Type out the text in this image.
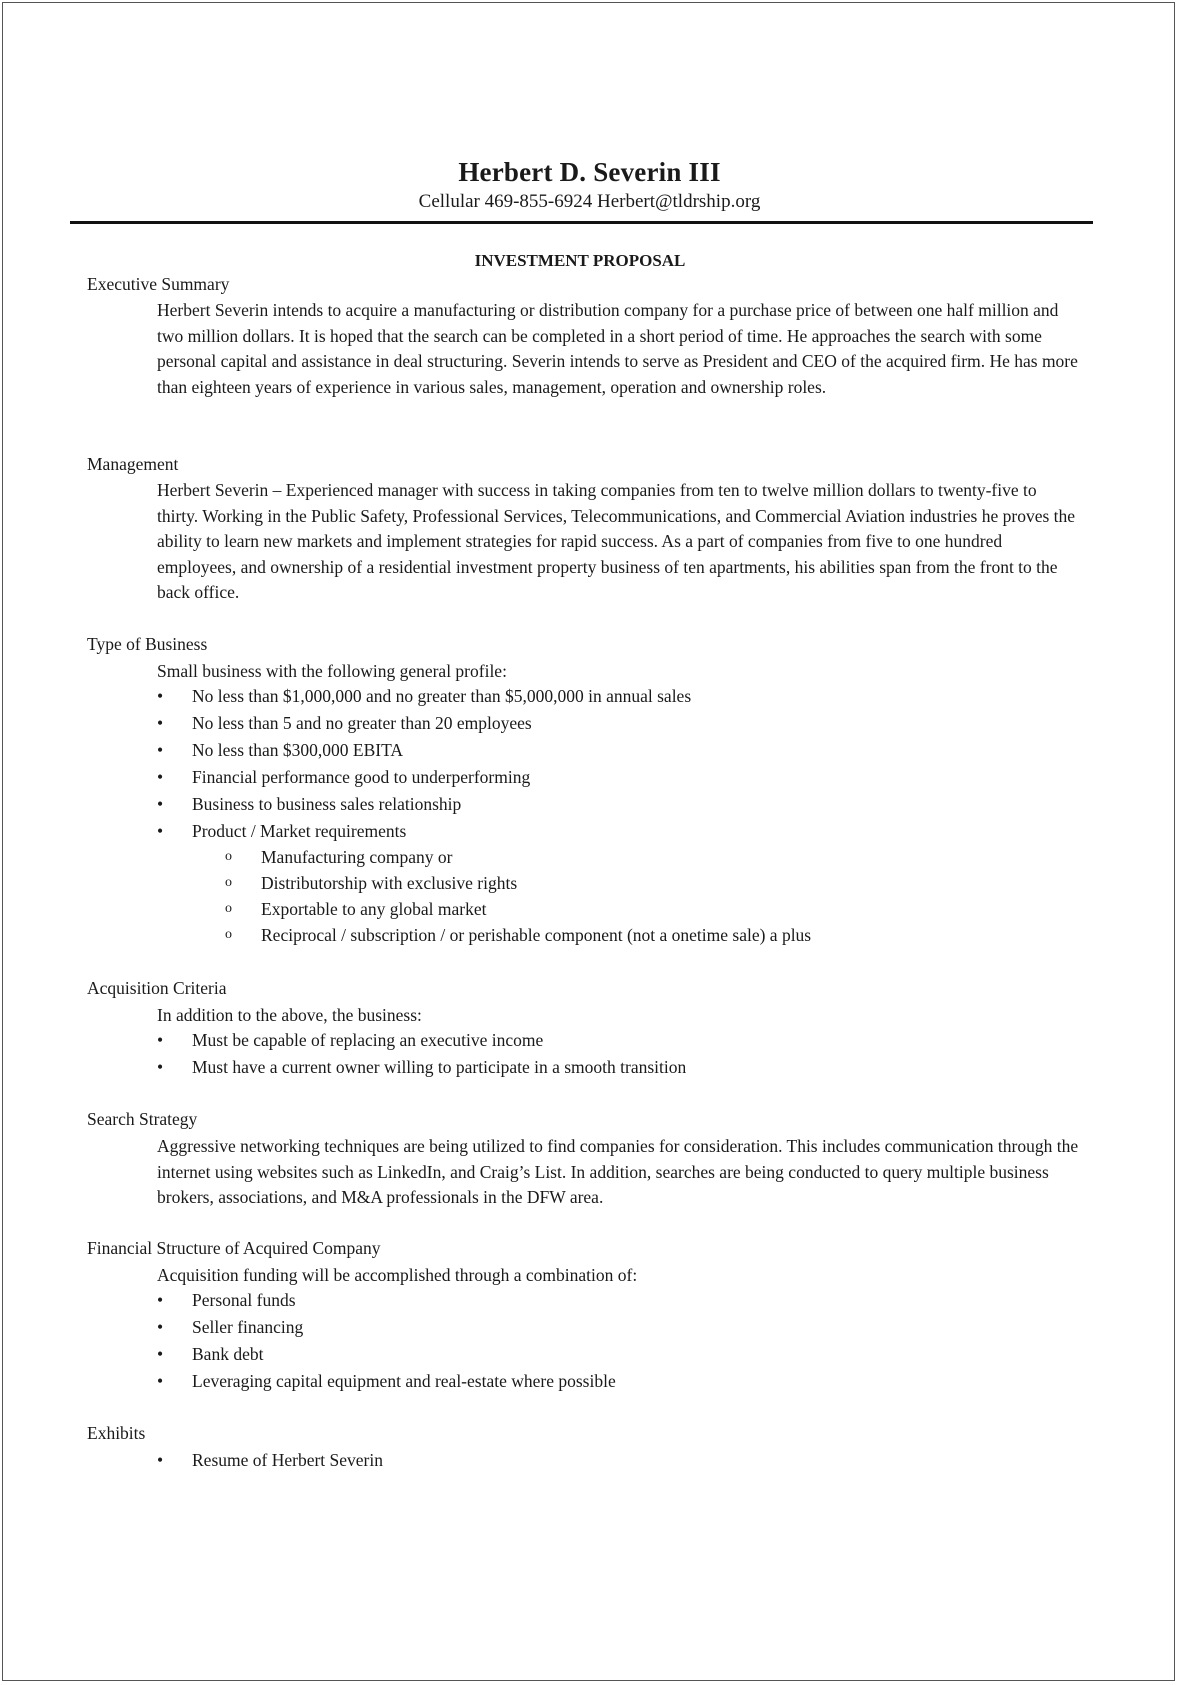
Herbert D. Severin III
Cellular 469-855-6924 Herbert@tldrship.org
INVESTMENT PROPOSAL
Executive Summary
Herbert Severin intends to acquire a manufacturing or distribution company for a purchase price of between one half million and two million dollars. It is hoped that the search can be completed in a short period of time. He approaches the search with some personal capital and assistance in deal structuring. Severin intends to serve as President and CEO of the acquired firm. He has more than eighteen years of experience in various sales, management, operation and ownership roles.
Management
Herbert Severin – Experienced manager with success in taking companies from ten to twelve million dollars to twenty-five to thirty. Working in the Public Safety, Professional Services, Telecommunications, and Commercial Aviation industries he proves the ability to learn new markets and implement strategies for rapid success. As a part of companies from five to one hundred employees, and ownership of a residential investment property business of ten apartments, his abilities span from the front to the back office.
Type of Business
Small business with the following general profile:
• No less than $1,000,000 and no greater than $5,000,000 in annual sales
• No less than 5 and no greater than 20 employees
• No less than $300,000 EBITA
• Financial performance good to underperforming
• Business to business sales relationship
• Product / Market requirements
o Manufacturing company or
o Distributorship with exclusive rights
o Exportable to any global market
o Reciprocal / subscription / or perishable component (not a onetime sale) a plus
Acquisition Criteria
In addition to the above, the business:
• Must be capable of replacing an executive income
• Must have a current owner willing to participate in a smooth transition
Search Strategy
Aggressive networking techniques are being utilized to find companies for consideration. This includes communication through the internet using websites such as LinkedIn, and Craig’s List. In addition, searches are being conducted to query multiple business brokers, associations, and M&A professionals in the DFW area.
Financial Structure of Acquired Company
Acquisition funding will be accomplished through a combination of:
• Personal funds
• Seller financing
• Bank debt
• Leveraging capital equipment and real-estate where possible
Exhibits
• Resume of Herbert Severin
